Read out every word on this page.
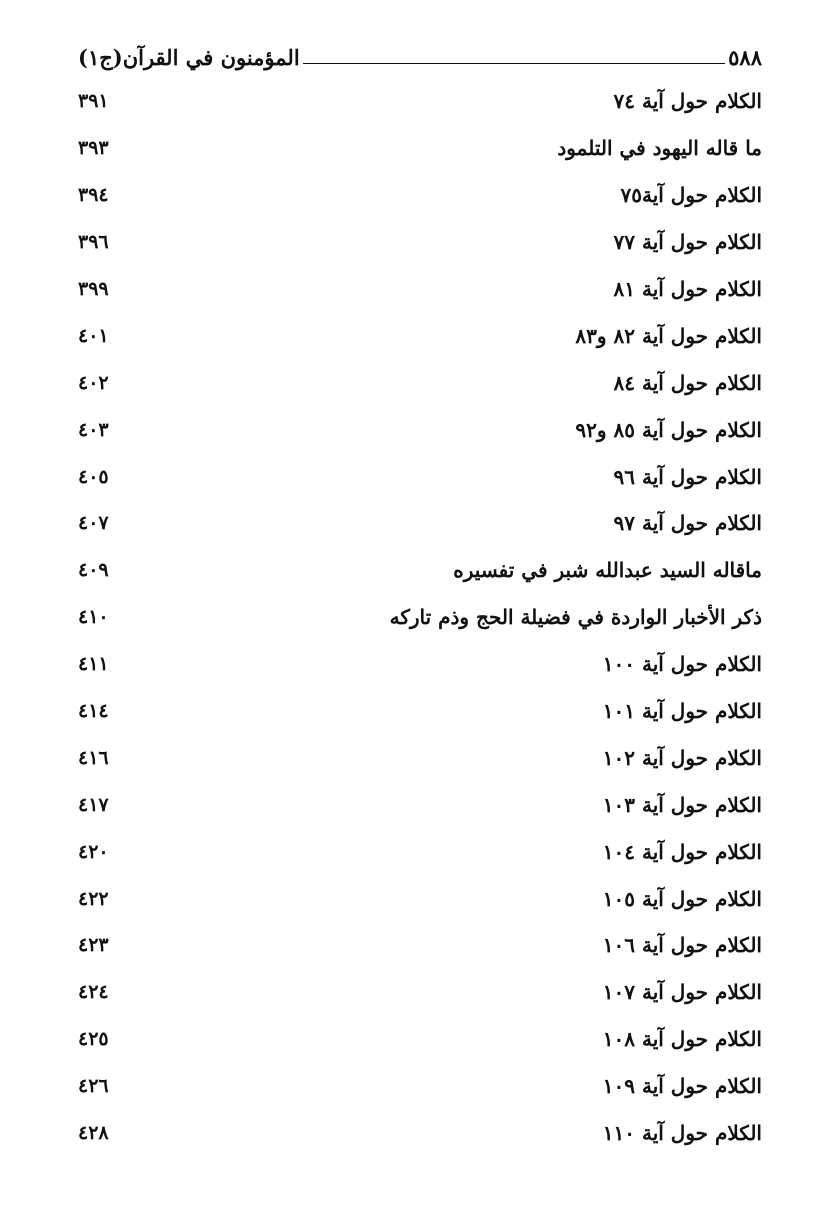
٥٨٨
المؤمنون في القرآن(ج١)
الكلام حول آية ٧٤
٣٩١
ما قاله اليهود في التلمود
٣٩٣
الكلام حول آية٧٥
٣٩٤
الكلام حول آية ٧٧
٣٩٦
الكلام حول آية ٨١
٣٩٩
الكلام حول آية ٨٢ و٨٣
٤٠١
الكلام حول آية ٨٤
٤٠٢
الكلام حول آية ٨٥ و٩٢
٤٠٣
الكلام حول آية ٩٦
٤٠٥
الكلام حول آية ٩٧
٤٠٧
ماقاله السيد عبدالله شبر في تفسيره
٤٠٩
ذكر الأخبار الواردة في فضيلة الحج وذم تاركه
٤١٠
الكلام حول آية ١٠٠
٤١١
الكلام حول آية ١٠١
٤١٤
الكلام حول آية ١٠٢
٤١٦
الكلام حول آية ١٠٣
٤١٧
الكلام حول آية ١٠٤
٤٢٠
الكلام حول آية ١٠٥
٤٢٢
الكلام حول آية ١٠٦
٤٢٣
الكلام حول آية ١٠٧
٤٢٤
الكلام حول آية ١٠٨
٤٢٥
الكلام حول آية ١٠٩
٤٢٦
الكلام حول آية ١١٠
٤٢٨
